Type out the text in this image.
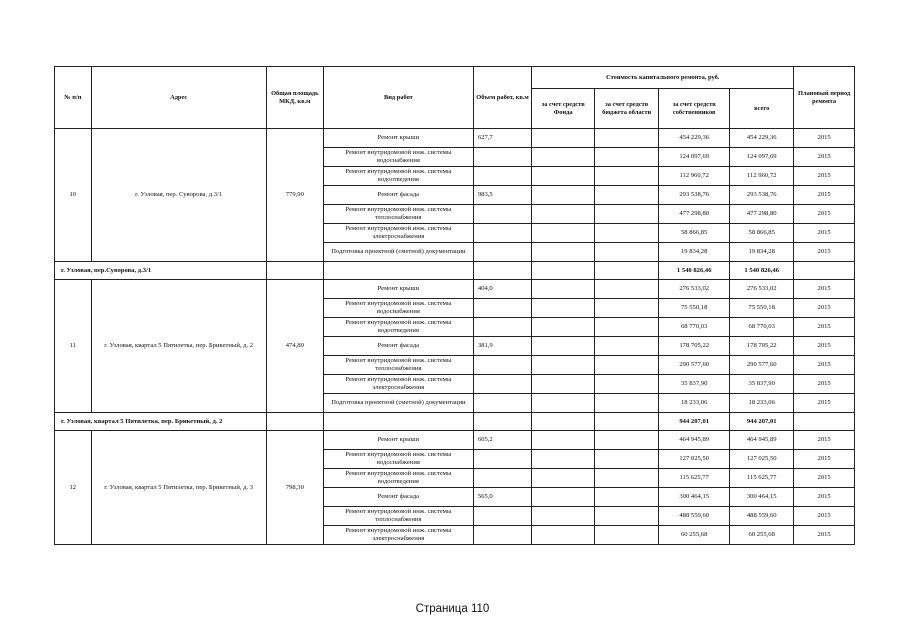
№ п/п	Адрес	Общая площадь МКД, кв.м	Вид работ	Объем работ, кв.м	Стоимость капитального ремонта, руб.				Плановый период ремонта
					за счет средств Фонда	за счет средств бюджета области	за счет средств собственников	всего	
10	г. Узловая, пер. Суворова, д.3/1	779,90	Ремонт крыши	627,7			454 229,36	454 229,36	2015
			Ремонт внутридомовой инж. системы водоснабжения				124 097,69	124 097,69	2015
			Ремонт внутридомовой инж. системы водоотведения				112 960,72	112 960,72	2015
			Ремонт фасада	983,5			293 538,76	293 538,76	2015
			Ремонт внутридомовой инж. системы теплоснабжения				477 298,80	477 298,80	2015
			Ремонт внутридомовой инж. системы электроснабжения				58 866,85	58 866,85	2015
			Подготовка проектной (сметной) документации				19 834,28	19 834,28	2015
г. Узловая, пер.Суворова, д.3/1							1 540 826,46	1 540 826,46	
11	г. Узловая, квартал 5 Пятилетка, пер. Брикетный, д. 2	474,80	Ремонт крыши	404,0			276 533,02	276 533,02	2015
			Ремонт внутридомовой инж. системы водоснабжения				75 550,18	75 550,18	2015
			Ремонт внутридомовой инж. системы водоотведения				68 770,03	68 770,03	2015
			Ремонт фасада	381,9			178 705,22	178 705,22	2015
			Ремонт внутридомовой инж. системы теплоснабжения				290 577,60	290 577,60	2015
			Ремонт внутридомовой инж. системы электроснабжения				35 837,90	35 837,90	2015
			Подготовка проектной (сметной) документации				18 233,06	18 233,06	2015
г. Узловая, квартал 5 Пятилетка, пер. Брикетный, д. 2							944 207,01	944 207,01	
12	г. Узловая, квартал 5 Пятилетка, пер. Брикетный, д. 3	798,30	Ремонт крыши	605,2			464 945,89	464 945,89	2015
			Ремонт внутридомовой инж. системы водоснабжения				127 025,50	127 025,50	2015
			Ремонт внутридомовой инж. системы водоотведения				115 625,77	115 625,77	2015
			Ремонт фасада	565,0			300 464,15	300 464,15	2015
			Ремонт внутридомовой инж. системы теплоснабжения				488 559,60	488 559,60	2015
			Ремонт внутридомовой инж. системы электроснабжения				60 255,68	60 255,68	2015
Страница 110
